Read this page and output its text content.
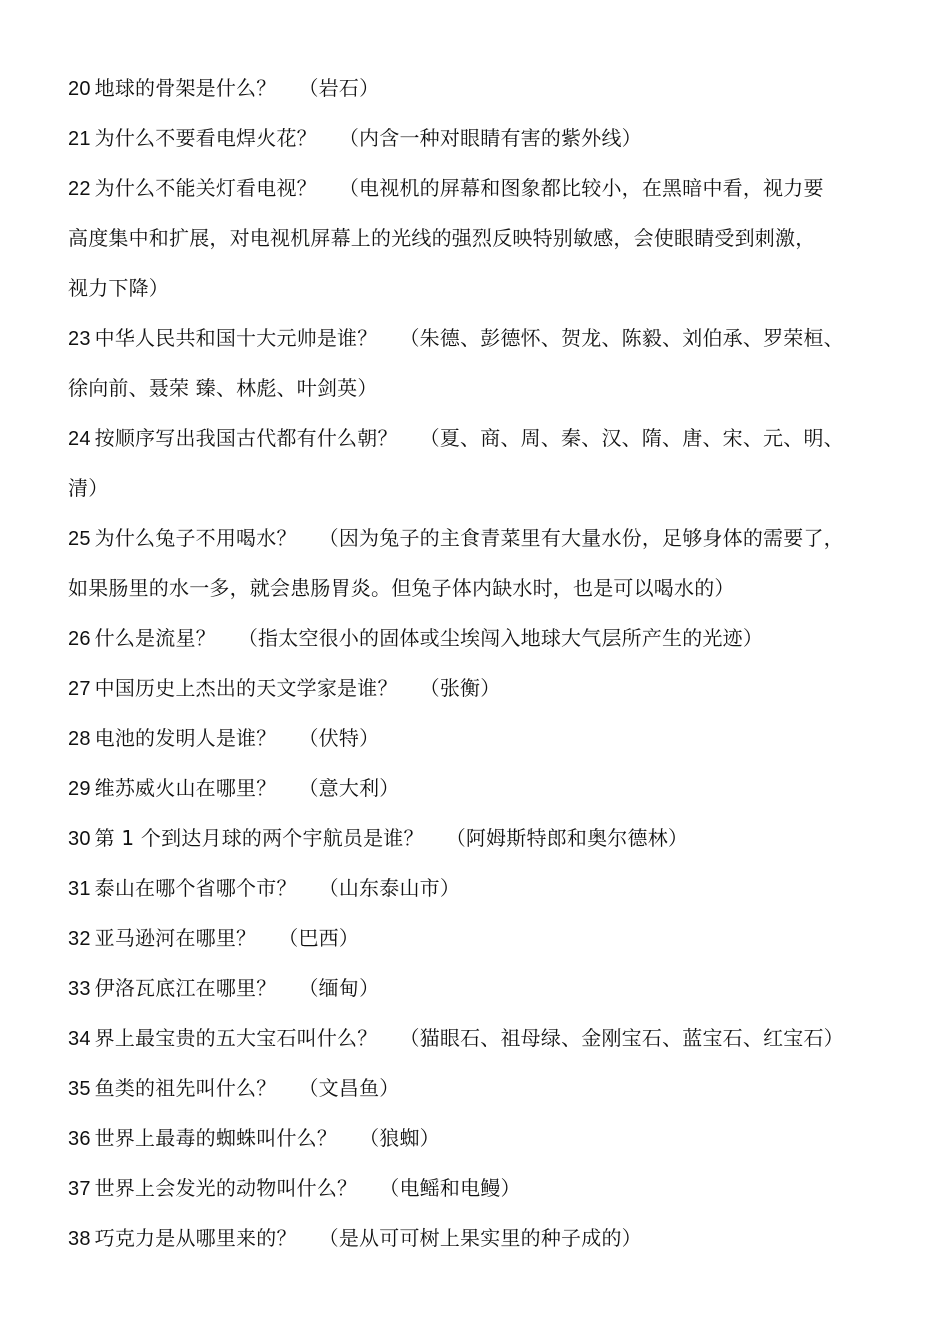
20 地球的骨架是什么？ （岩石）
21 为什么不要看电焊火花？ （内含一种对眼睛有害的紫外线）
22 为什么不能关灯看电视？ （电视机的屏幕和图象都比较小，在黑暗中看，视力要
高度集中和扩展，对电视机屏幕上的光线的强烈反映特别敏感，会使眼睛受到刺激，
视力下降）
23 中华人民共和国十大元帅是谁？ （朱德、彭德怀、贺龙、陈毅、刘伯承、罗荣桓、
徐向前、聂荣 臻、林彪、叶剑英）
24 按顺序写出我国古代都有什么朝？ （夏、商、周、秦、汉、隋、唐、宋、元、明、
清）
25 为什么兔子不用喝水？ （因为兔子的主食青菜里有大量水份，足够身体的需要了，
如果肠里的水一多，就会患肠胃炎。但兔子体内缺水时，也是可以喝水的）
26 什么是流星？ （指太空很小的固体或尘埃闯入地球大气层所产生的光迹）
27 中国历史上杰出的天文学家是谁？ （张衡）
28 电池的发明人是谁？ （伏特）
29 维苏威火山在哪里？ （意大利）
30 第 1 个到达月球的两个宇航员是谁？ （阿姆斯特郎和奥尔德林）
31 泰山在哪个省哪个市？ （山东泰山市）
32 亚马逊河在哪里？ （巴西）
33 伊洛瓦底江在哪里？ （缅甸）
34 界上最宝贵的五大宝石叫什么？ （猫眼石、祖母绿、金刚宝石、蓝宝石、红宝石）
35 鱼类的祖先叫什么？ （文昌鱼）
36 世界上最毒的蜘蛛叫什么？ （狼蜘）
37 世界上会发光的动物叫什么？ （电鳐和电鳗）
38 巧克力是从哪里来的？ （是从可可树上果实里的种子成的）
